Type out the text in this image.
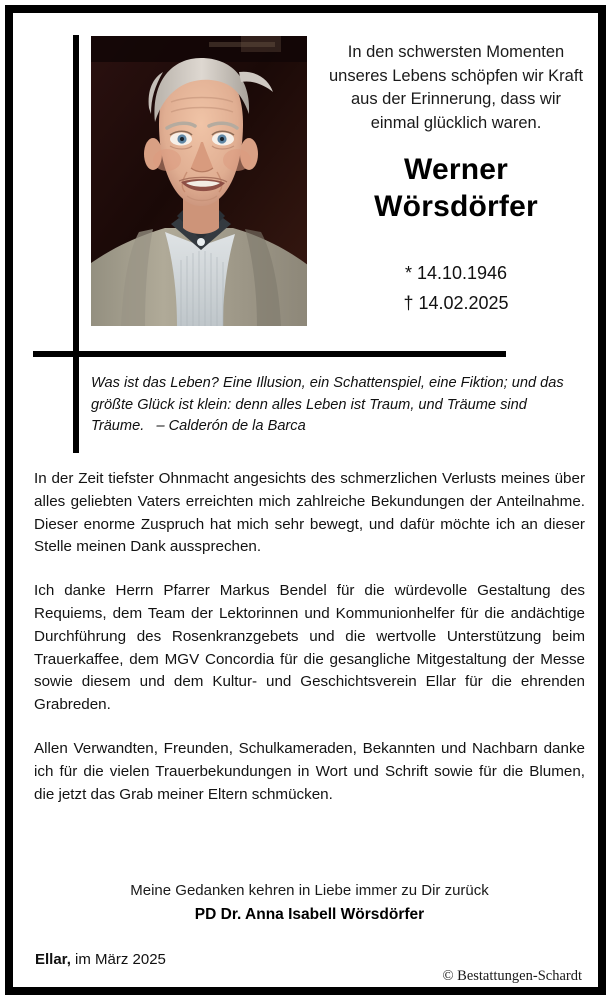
In den schwersten Momenten
unseres Lebens schöpfen wir Kraft
aus der Erinnerung, dass wir
einmal glücklich waren.
Werner
Wörsdörfer
* 14.10.1946
† 14.02.2025
Was ist das Leben? Eine Illusion, ein Schattenspiel, eine Fiktion; und das größte Glück ist klein: denn alles Leben ist Traum, und Träume sind Träume. – Calderón de la Barca

In der Zeit tiefster Ohnmacht angesichts des schmerzlichen Verlusts meines über alles geliebten Vaters erreichten mich zahlreiche Bekundungen der Anteilnahme. Dieser enorme Zuspruch hat mich sehr bewegt, und dafür möchte ich an dieser Stelle meinen Dank aussprechen.

Ich danke Herrn Pfarrer Markus Bendel für die würdevolle Gestaltung des Requiems, dem Team der Lektorinnen und Kommunionhelfer für die andächtige Durchführung des Rosenkranzgebets und die wertvolle Unterstützung beim Trauerkaffee, dem MGV Concordia für die gesangliche Mitgestaltung der Messe sowie diesem und dem Kultur- und Geschichtsverein Ellar für die ehrenden Grabreden.

Allen Verwandten, Freunden, Schulkameraden, Bekannten und Nachbarn danke ich für die vielen Trauerbekundungen in Wort und Schrift sowie für die Blumen, die jetzt das Grab meiner Eltern schmücken.

Meine Gedanken kehren in Liebe immer zu Dir zurück
PD Dr. Anna Isabell Wörsdörfer
Ellar, im März 2025
© Bestattungen-Schardt
